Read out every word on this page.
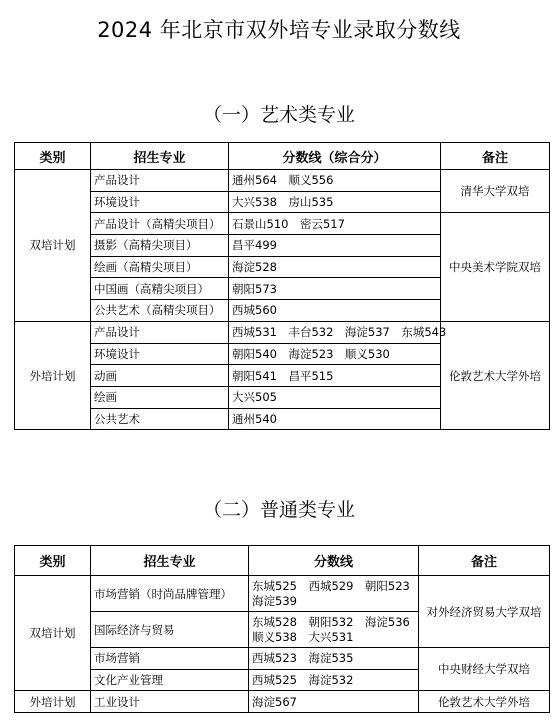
2024 年北京市双外培专业录取分数线
（一）艺术类专业
类别	招生专业	分数线（综合分）	备注
双培计划	产品设计	通州564　顺义556	清华大学双培
	环境设计	大兴538　房山535	
	产品设计（高精尖项目）	石景山510　密云517	中央美术学院双培
	摄影（高精尖项目）	昌平499	
	绘画（高精尖项目）	海淀528	
	中国画（高精尖项目）	朝阳573	
	公共艺术（高精尖项目）	西城560	
外培计划	产品设计	西城531　丰台532　海淀537　东城543	伦敦艺术大学外培
	环境设计	朝阳540　海淀523　顺义530	
	动画	朝阳541　昌平515	
	绘画	大兴505	
	公共艺术	通州540	
（二）普通类专业
类别	招生专业	分数线	备注
双培计划	市场营销（时尚品牌管理）	东城525　西城529　朝阳523　海淀539	对外经济贸易大学双培
	国际经济与贸易	东城528　朝阳532　海淀536　顺义538　大兴531	
	市场营销	西城523　海淀535	中央财经大学双培
	文化产业管理	西城525　海淀532	
外培计划	工业设计	海淀567	伦敦艺术大学外培
